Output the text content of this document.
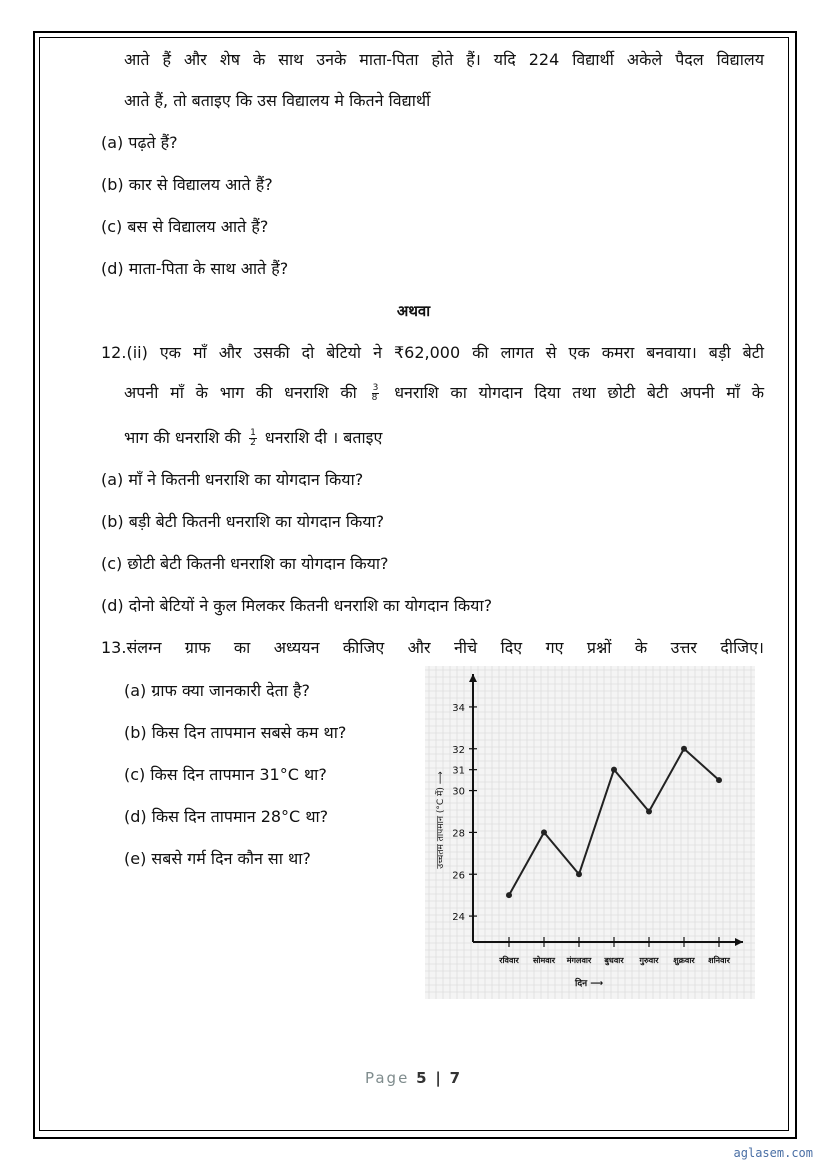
आते हैं और शेष के साथ उनके माता-पिता होते हैं। यदि 224 विद्यार्थी अकेले पैदल विद्यालय
आते हैं, तो बताइए कि उस विद्यालय मे कितने विद्यार्थी
(a) पढ़ते हैं?
(b) कार से विद्यालय आते हैं?
(c) बस से विद्यालय आते हैं?
(d) माता-पिता के साथ आते हैं?
अथवा
12.(ii) एक माँ और उसकी दो बेटियो ने ₹62,000 की लागत से एक कमरा बनवाया। बड़ी बेटी
अपनी माँ के भाग की धनराशि की $\frac{3}{8}$ धनराशि का योगदान दिया तथा छोटी बेटी अपनी माँ के
भाग की धनराशि की $\frac{1}{2}$ धनराशि दी । बताइए
(a) माँ ने कितनी धनराशि का योगदान किया?
(b) बड़ी बेटी कितनी धनराशि का योगदान किया?
(c) छोटी बेटी कितनी धनराशि का योगदान किया?
(d) दोनो बेटियों ने कुल मिलकर कितनी धनराशि का योगदान किया?
13.संलग्न ग्राफ का अध्ययन कीजिए और नीचे दिए गए प्रश्नों के उत्तर दीजिए।
(a) ग्राफ क्या जानकारी देता है?
(b) किस दिन तापमान सबसे कम था?
(c) किस दिन तापमान 31°C था?
(d) किस दिन तापमान 28°C था?
(e) सबसे गर्म दिन कौन सा था?
24
26
28
30
31
32
34
उच्चतम तापमान (°C में) ⟶
रविवार सोमवार मंगलवार बुधवार गुरुवार शुक्रवार शनिवार
दिन ⟶
Page 5 | 7
aglasem.com
